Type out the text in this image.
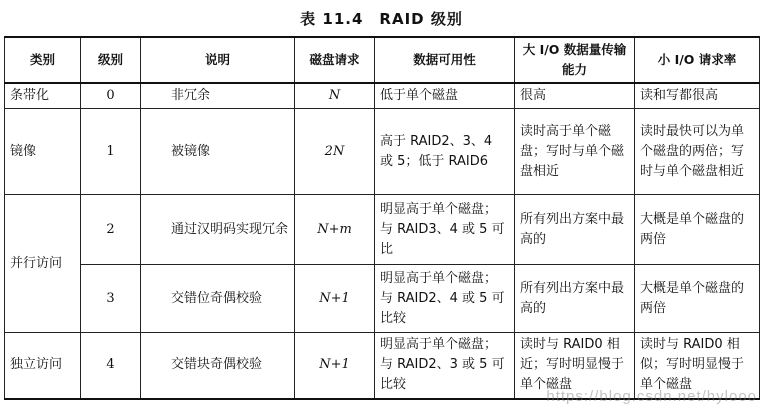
表 11.4　RAID 级别
类别	级别	说明	磁盘请求	数据可用性	大 I/O 数据量传输能力	小 I/O 请求率
条带化	0	非冗余	N	低于单个磁盘	很高	读和写都很高
镜像	1	被镜像	2N	高于 RAID2、3、4 或 5；低于 RAID6	读时高于单个磁盘；写时与单个磁盘相近	读时最快可以为单个磁盘的两倍；写时与单个磁盘相近
并行访问	2	通过汉明码实现冗余	N+m	明显高于单个磁盘；与 RAID3、4 或 5 可比	所有列出方案中最高的	大概是单个磁盘的两倍
	3	交错位奇偶校验	N+1	明显高于单个磁盘；与 RAID2、4 或 5 可比较	所有列出方案中最高的	大概是单个磁盘的两倍
独立访问	4	交错块奇偶校验	N+1	明显高于单个磁盘；与 RAID2、3 或 5 可比较	读时与 RAID0 相近；写时明显慢于单个磁盘	读时与 RAID0 相似；写时明显慢于单个磁盘
https://blog.csdn.net/hylooo
